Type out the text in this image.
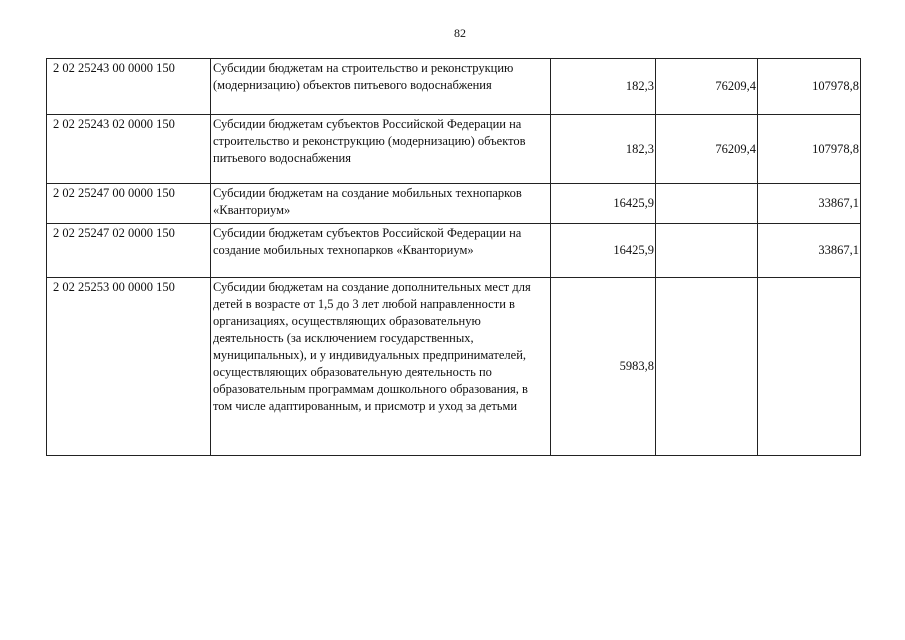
82
2 02 25243 00 0000 150	Субсидии бюджетам на строительство и реконструкцию (модернизацию) объектов питьевого водоснабжения	182,3	76209,4	107978,8
2 02 25243 02 0000 150	Субсидии бюджетам субъектов Российской Федерации на строительство и реконструкцию (модернизацию) объектов питьевого водоснабжения	182,3	76209,4	107978,8
2 02 25247 00 0000 150	Субсидии бюджетам на создание мобильных технопарков «Кванториум»	16425,9		33867,1
2 02 25247 02 0000 150	Субсидии бюджетам субъектов Российской Федерации на создание мобильных технопарков «Кванториум»	16425,9		33867,1
2 02 25253 00 0000 150	Субсидии бюджетам на создание дополнительных мест для детей в возрасте от 1,5 до 3 лет любой направленности в организациях, осуществляющих образовательную деятельность (за исключением государственных, муниципальных), и у индивидуальных предпринимателей, осуществляющих образовательную деятельность по образовательным программам дошкольного образования, в том числе адаптированным, и присмотр и уход за детьми	5983,8		
